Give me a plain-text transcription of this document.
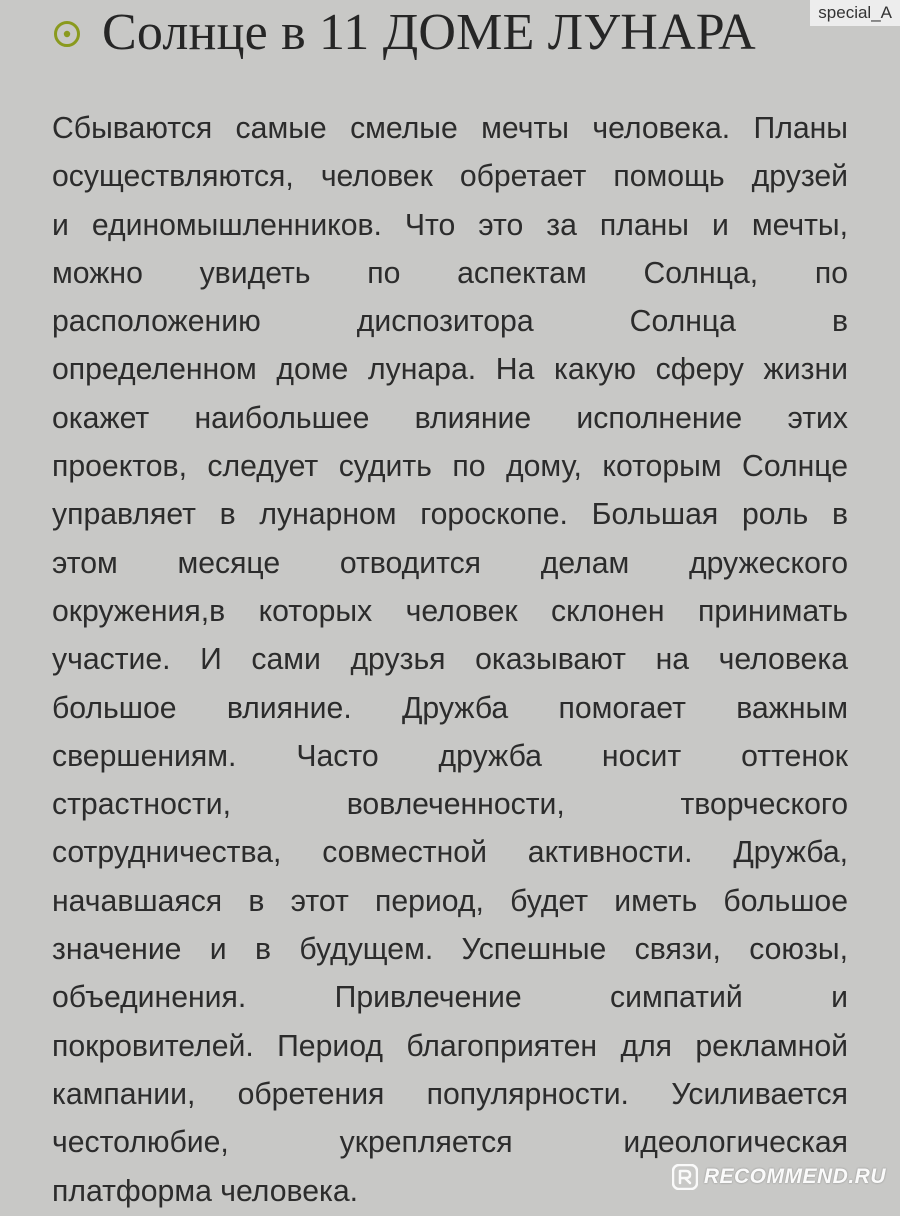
Солнце в 11 ДОМЕ ЛУНАРА	special_A
Сбываются самые смелые мечты человека. Планы
осуществляются, человек обретает помощь друзей
и единомышленников. Что это за планы и мечты,
можно увидеть по аспектам Солнца, по
расположению диспозитора Солнца в
определенном доме лунара. На какую сферу жизни
окажет наибольшее влияние исполнение этих
проектов, следует судить по дому, которым Солнце
управляет в лунарном гороскопе. Большая роль в
этом месяце отводится делам дружеского
окружения,в которых человек склонен принимать
участие. И сами друзья оказывают на человека
большое влияние. Дружба помогает важным
свершениям. Часто дружба носит оттенок
страстности, вовлеченности, творческого
сотрудничества, совместной активности. Дружба,
начавшаяся в этот период, будет иметь большое
значение и в будущем. Успешные связи, союзы,
объединения. Привлечение симпатий и
покровителей. Период благоприятен для рекламной
кампании, обретения популярности. Усиливается
честолюбие, укрепляется идеологическая
платформа человека.	RECOMMEND.RU
